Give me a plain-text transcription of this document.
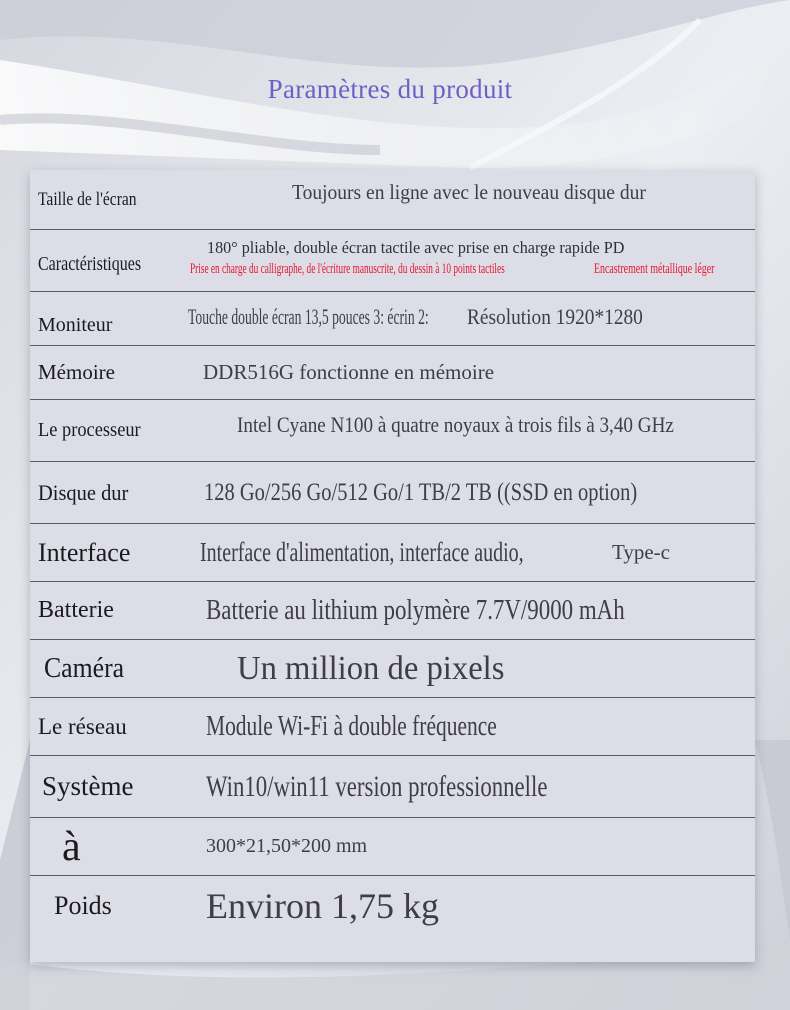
Paramètres du produit
Taille de l'écran	Toujours en ligne avec le nouveau disque dur
Caractéristiques
180° pliable, double écran tactile avec prise en charge rapide PD
Prise en charge du calligraphe, de l'écriture manuscrite, du dessin à 10 points tactiles	Encastrement métallique léger
Moniteur	Touche double écran 13,5 pouces 3: écrin 2:	Résolution 1920*1280
Mémoire	DDR516G fonctionne en mémoire
Le processeur	Intel Cyane N100 à quatre noyaux à trois fils à 3,40 GHz
Disque dur	128 Go/256 Go/512 Go/1 TB/2 TB ((SSD en option)
Interface	Interface d'alimentation, interface audio,	Type-c
Batterie	Batterie au lithium polymère 7.7V/9000 mAh
Caméra	Un million de pixels
Le réseau	Module Wi-Fi à double fréquence
Système Win10/win11 version professionnelle
à	300*21,50*200 mm
Poids	Environ 1,75 kg
